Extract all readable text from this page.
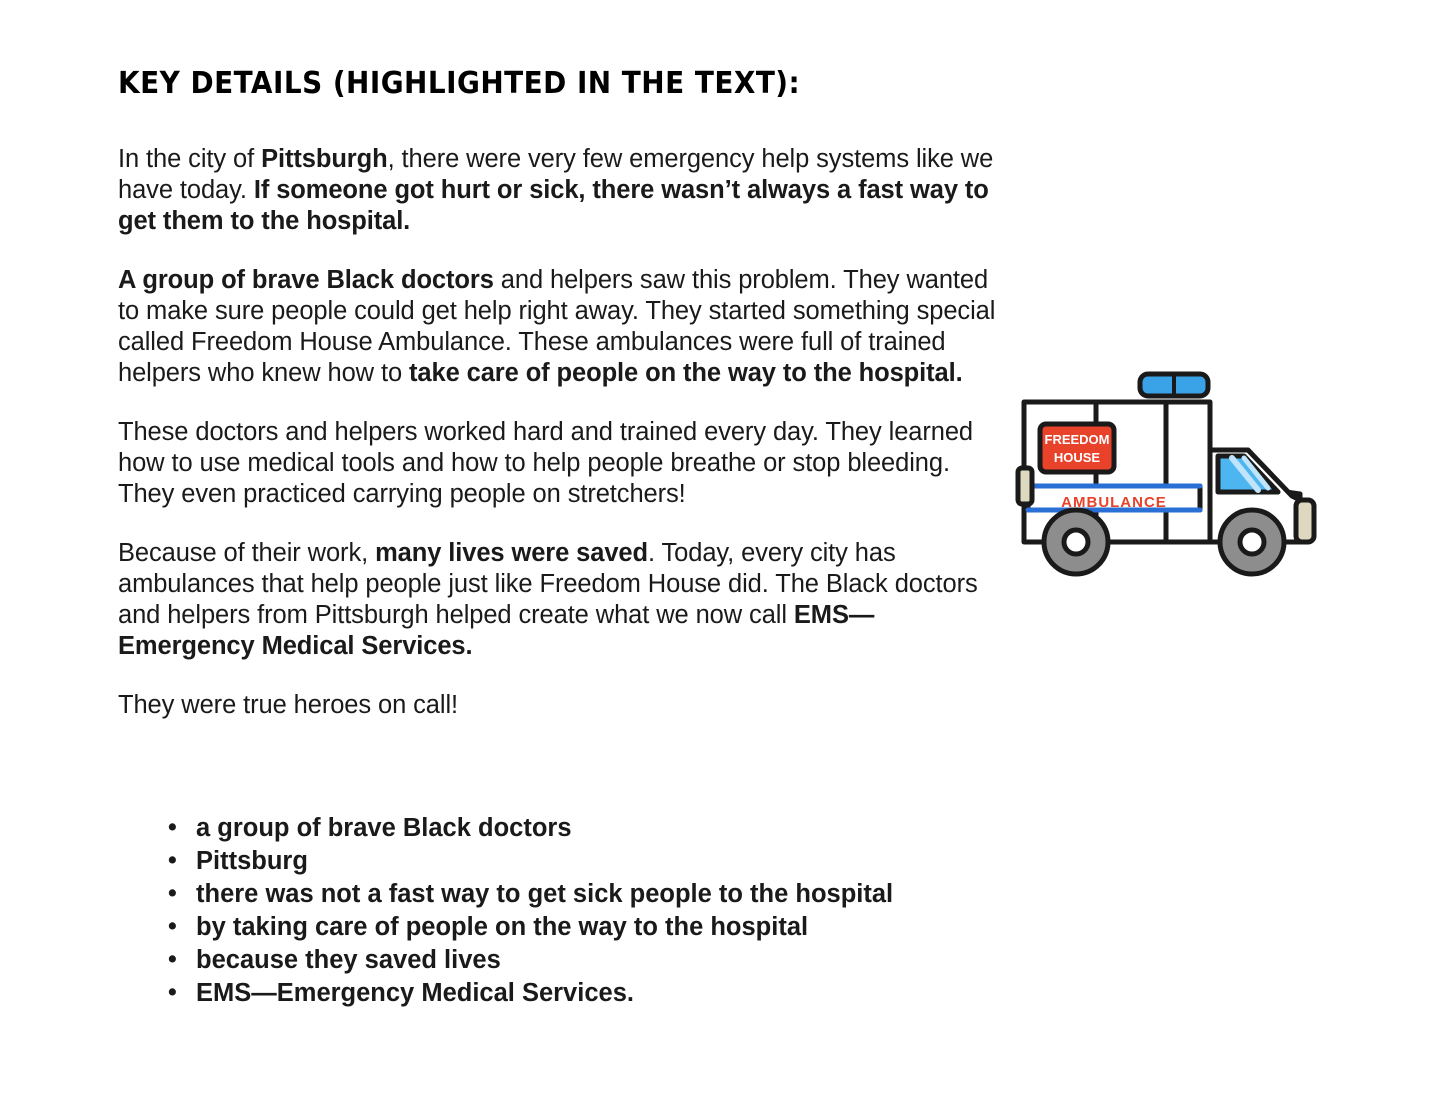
KEY DETAILS (HIGHLIGHTED IN THE TEXT):

In the city of Pittsburgh, there were very few emergency help systems like we have today. If someone got hurt or sick, there wasn’t always a fast way to get them to the hospital.

A group of brave Black doctors and helpers saw this problem. They wanted to make sure people could get help right away. They started something special called Freedom House Ambulance. These ambulances were full of trained helpers who knew how to take care of people on the way to the hospital.

These doctors and helpers worked hard and trained every day. They learned how to use medical tools and how to help people breathe or stop bleeding. They even practiced carrying people on stretchers!

Because of their work, many lives were saved. Today, every city has ambulances that help people just like Freedom House did. The Black doctors and helpers from Pittsburgh helped create what we now call EMS—Emergency Medical Services.

They were true heroes on call!

• a group of brave Black doctors
• Pittsburg
• there was not a fast way to get sick people to the hospital
• by taking care of people on the way to the hospital
• because they saved lives
• EMS—Emergency Medical Services.
FREEDOM
HOUSE
AMBULANCE
